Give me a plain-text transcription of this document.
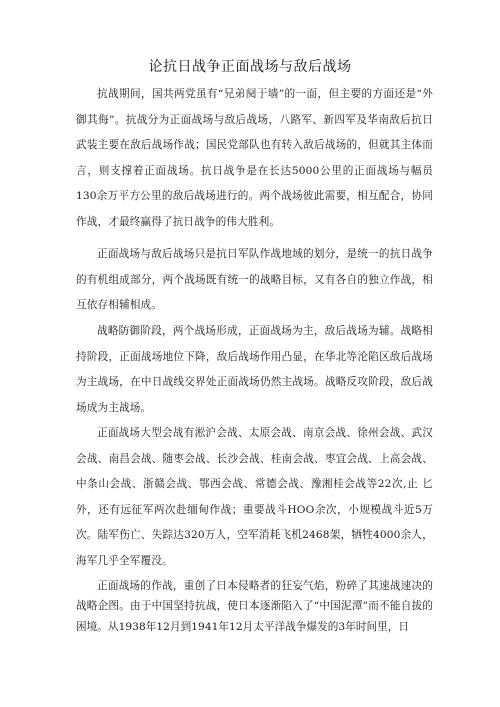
论抗日战争正面战场与敌后战场

抗战期间，国共两党虽有“兄弟阋于墙”的一面，但主要的方面还是“外御其侮”。抗战分为正面战场与敌后战场，八路军、新四军及华南敌后抗日武装主要在敌后战场作战；国民党部队也有转入敌后战场的，但就其主体而言，则支撑着正面战场。抗日战争是在长达5000公里的正面战场与幅员130余万平方公里的敌后战场进行的。两个战场彼此需要，相互配合，协同作战，才最终赢得了抗日战争的伟大胜利。

正面战场与敌后战场只是抗日军队作战地域的划分，是统一的抗日战争的有机组成部分，两个战场既有统一的战略目标，又有各自的独立作战，相互依存相辅相成。

战略防御阶段，两个战场形成，正面战场为主，敌后战场为辅。战略相持阶段，正面战场地位下降，敌后战场作用凸显，在华北等沦陷区敌后战场为主战场，在中日战线交界处正面战场仍然主战场。战略反攻阶段，敌后战场成为主战场。

正面战场大型会战有淞沪会战、太原会战、南京会战、徐州会战、武汉会战、南昌会战、随枣会战、长沙会战、桂南会战、枣宜会战、上高会战、中条山会战、浙赣会战、鄂西会战、常德会战、豫湘桂会战等22次,止 匕外，还有远征军两次赴缅甸作战；重要战斗HOO余次，小规模战斗近5万次。陆军伤亡、失踪达320万人，空军消耗飞机2468架，牺牲4000余人，海军几乎全军覆没。

正面战场的作战，重创了日本侵略者的狂妄气焰，粉碎了其速战速决的战略企图。由于中国坚持抗战，使日本逐渐陷入了“中国泥潭”而不能自拔的困境。从1938年12月到1941年12月太平洋战争爆发的3年时间里，日
